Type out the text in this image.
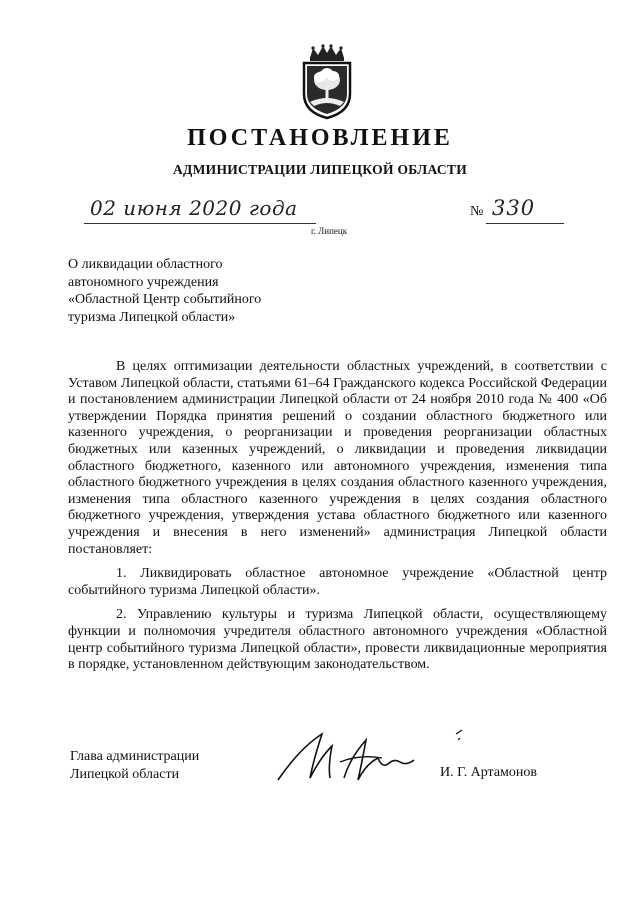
ПОСТАНОВЛЕНИЕ
АДМИНИСТРАЦИИ ЛИПЕЦКОЙ ОБЛАСТИ
02 июня 2020 года
г. Липецк
№ 330
О ликвидации областного
автономного учреждения
«Областной Центр событийного
туризма Липецкой области»

В целях оптимизации деятельности областных учреждений, в соответствии с Уставом Липецкой области, статьями 61–64 Гражданского кодекса Российской Федерации и постановлением администрации Липецкой области от 24 ноября 2010 года № 400 «Об утверждении Порядка принятия решений о создании областного бюджетного или казенного учреждения, о реорганизации и проведения реорганизации областных бюджетных или казенных учреждений, о ликвидации и проведения ликвидации областного бюджетного, казенного или автономного учреждения, изменения типа областного бюджетного учреждения в целях создания областного казенного учреждения, изменения типа областного казенного учреждения в целях создания областного бюджетного учреждения, утверждения устава областного бюджетного или казенного учреждения и внесения в него изменений» администрация Липецкой области постановляет:

1. Ликвидировать областное автономное учреждение «Областной центр событийного туризма Липецкой области».

2. Управлению культуры и туризма Липецкой области, осуществляющему функции и полномочия учредителя областного автономного учреждения «Областной центр событийного туризма Липецкой области», провести ликвидационные мероприятия в порядке, установленном действующим законодательством.

Глава администрации
Липецкой области	И. Г. Артамонов
